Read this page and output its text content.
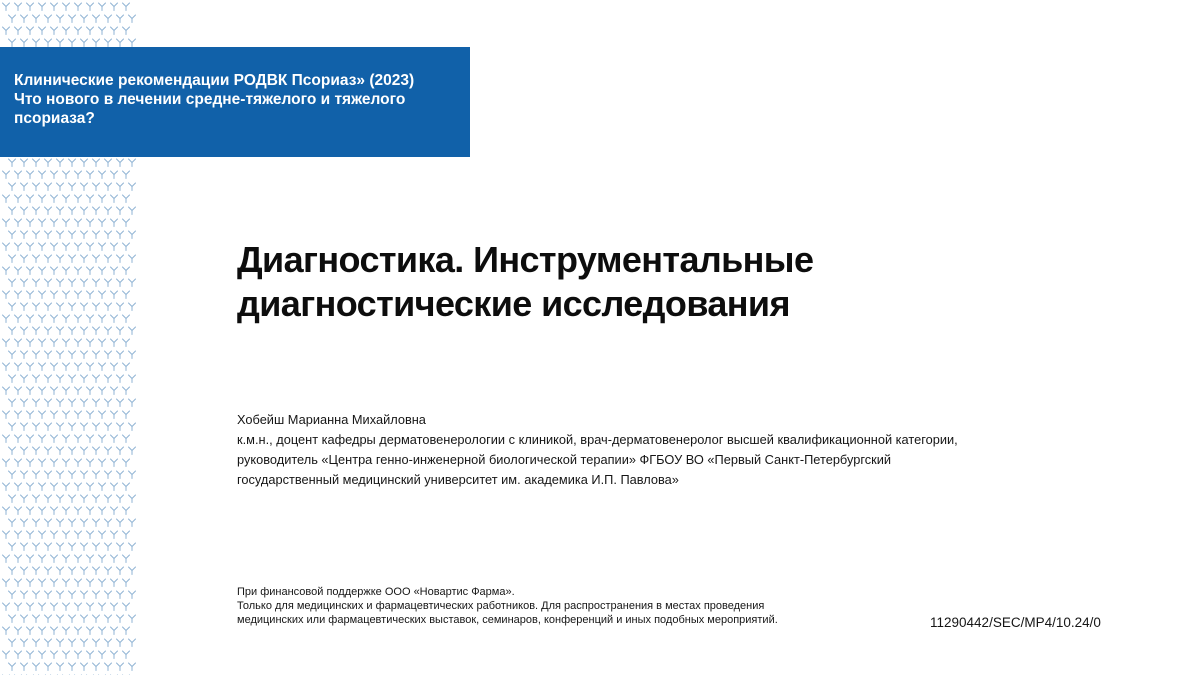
Клинические рекомендации РОДВК Псориаз» (2023)
Что нового в лечении средне-тяжелого и тяжелого
псориаза?
Диагностика. Инструментальные
диагностические исследования
Хобейш Марианна Михайловна
к.м.н., доцент кафедры дерматовенерологии с клиникой, врач-дерматовенеролог высшей квалификационной категории,
руководитель «Центра генно-инженерной биологической терапии» ФГБОУ ВО «Первый Санкт-Петербургский
государственный медицинский университет им. академика И.П. Павлова»
При финансовой поддержке ООО «Новартис Фарма».
Только для медицинских и фармацевтических работников. Для распространения в местах проведения
медицинских или фармацевтических выставок, семинаров, конференций и иных подобных мероприятий.	11290442/SEC/MP4/10.24/0
